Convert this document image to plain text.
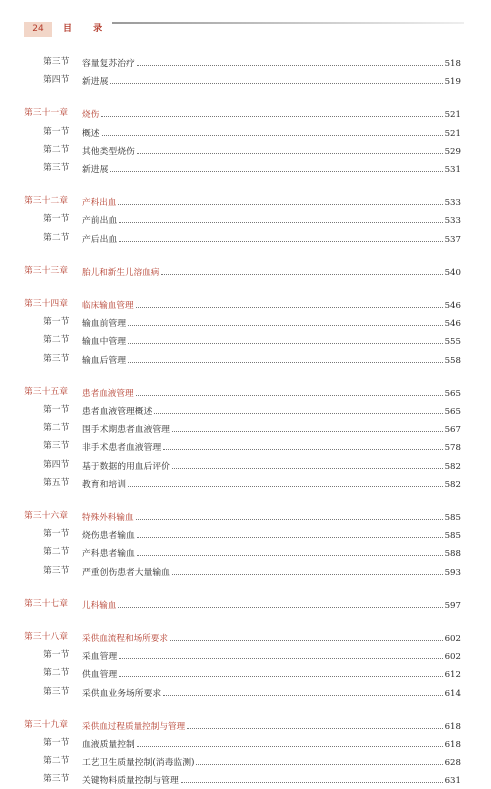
24	目 录
第三节 容量复苏治疗	518
第四节 新进展	519
第三十一章 烧伤	521
第一节 概述	521
第二节 其他类型烧伤	529
第三节 新进展	531
第三十二章 产科出血	533
第一节 产前出血	533
第二节 产后出血	537
第三十三章 胎儿和新生儿溶血病	540
第三十四章 临床输血管理	546
第一节 输血前管理	546
第二节 输血中管理	555
第三节 输血后管理	558
第三十五章 患者血液管理	565
第一节 患者血液管理概述	565
第二节 围手术期患者血液管理	567
第三节 非手术患者血液管理	578
第四节 基于数据的用血后评价	582
第五节 教育和培训	582
第三十六章 特殊外科输血	585
第一节 烧伤患者输血	585
第二节 产科患者输血	588
第三节 严重创伤患者大量输血	593
第三十七章 儿科输血	597
第三十八章 采供血流程和场所要求	602
第一节 采血管理	602
第二节 供血管理	612
第三节 采供血业务场所要求	614
第三十九章 采供血过程质量控制与管理	618
第一节 血液质量控制	618
第二节 工艺卫生质量控制(消毒监测)	628
第三节 关键物料质量控制与管理	631
